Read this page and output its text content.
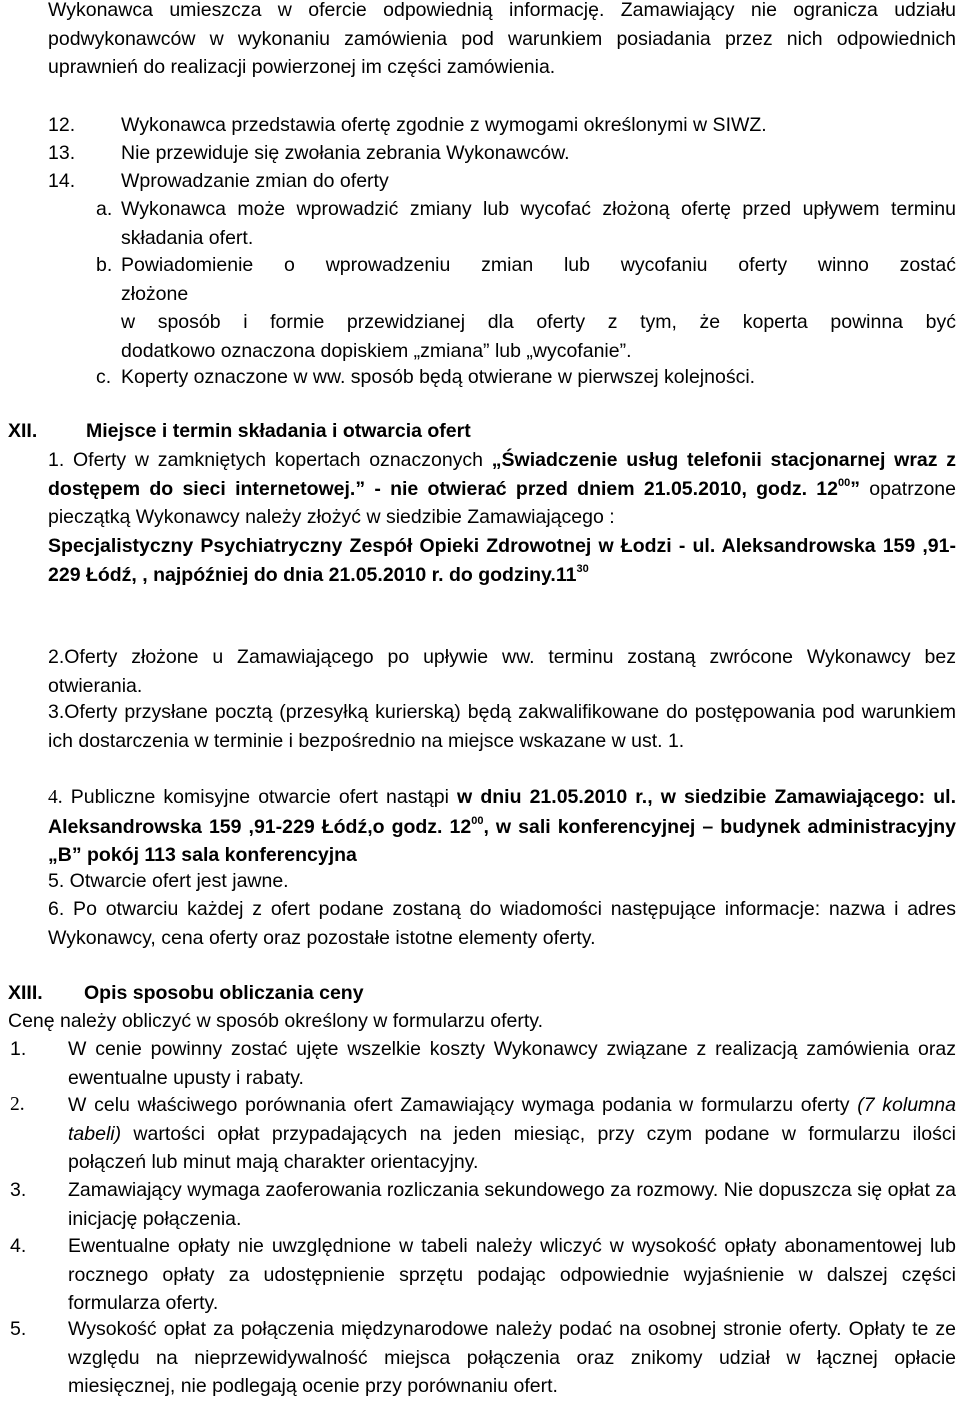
Wykonawca umieszcza w ofercie odpowiednią informację. Zamawiający nie ogranicza udziału podwykonawców w wykonaniu zamówienia pod warunkiem posiadania przez nich odpowiednich uprawnień do realizacji powierzonej im części zamówienia.

12.	Wykonawca przedstawia ofertę zgodnie z wymogami określonymi w SIWZ.
13.	Nie przewiduje się zwołania zebrania Wykonawców.
14.	Wprowadzanie zmian do oferty
a. Wykonawca może wprowadzić zmiany lub wycofać złożoną ofertę przed upływem terminu składania ofert.
b. Powiadomienie o wprowadzeniu zmian lub wycofaniu oferty winno zostać
złożone
w sposób i formie przewidzianej dla oferty z tym, że koperta powinna być
dodatkowo oznaczona dopiskiem „zmiana” lub „wycofanie”.
c. Koperty oznaczone w ww. sposób będą otwierane w pierwszej kolejności.
XII.	Miejsce i termin składania i otwarcia ofert

1. Oferty w zamkniętych kopertach oznaczonych „Świadczenie usług telefonii stacjonarnej wraz z dostępem do sieci internetowej.” - nie otwierać przed dniem 21.05.2010, godz. $12^{00}$” opatrzone pieczątką Wykonawcy należy złożyć w siedzibie Zamawiającego :
Specjalistyczny Psychiatryczny Zespół Opieki Zdrowotnej w Łodzi - ul. Aleksandrowska 159 ,91-229 Łódź, , najpóźniej do dnia 21.05.2010 r. do $godziny.11^{30}$

2.Oferty złożone u Zamawiającego po upływie ww. terminu zostaną zwrócone Wykonawcy bez otwierania.

3.Oferty przysłane pocztą (przesyłką kurierską) będą zakwalifikowane do postępowania pod warunkiem ich dostarczenia w terminie i bezpośrednio na miejsce wskazane w ust. 1.

4. Publiczne komisyjne otwarcie ofert nastąpi w dniu 21.05.2010 r., w siedzibie Zamawiającego: ul. Aleksandrowska 159 ,91-229 Łódź,o godz. $12^{00}$, w sali konferencyjnej – budynek administracyjny „B” pokój 113 sala konferencyjna

5. Otwarcie ofert jest jawne.

6. Po otwarciu każdej z ofert podane zostaną do wiadomości następujące informacje: nazwa i adres Wykonawcy, cena oferty oraz pozostałe istotne elementy oferty.

XIII.	Opis sposobu obliczania ceny

Cenę należy obliczyć w sposób określony w formularzu oferty.

1.	W cenie powinny zostać ujęte wszelkie koszty Wykonawcy związane z realizacją zamówienia oraz ewentualne upusty i rabaty.
2.	W celu właściwego porównania ofert Zamawiający wymaga podania w formularzu oferty (7 kolumna tabeli) wartości opłat przypadających na jeden miesiąc, przy czym podane w formularzu ilości połączeń lub minut mają charakter orientacyjny.
3.	Zamawiający wymaga zaoferowania rozliczania sekundowego za rozmowy. Nie dopuszcza się opłat za inicjację połączenia.
4.	Ewentualne opłaty nie uwzględnione w tabeli należy wliczyć w wysokość opłaty abonamentowej lub rocznego opłaty za udostępnienie sprzętu podając odpowiednie wyjaśnienie w dalszej części formularza oferty.
5.	Wysokość opłat za połączenia międzynarodowe należy podać na osobnej stronie oferty. Opłaty te ze względu na nieprzewidywalność miejsca połączenia oraz znikomy udział w łącznej opłacie miesięcznej, nie podlegają ocenie przy porównaniu ofert.
